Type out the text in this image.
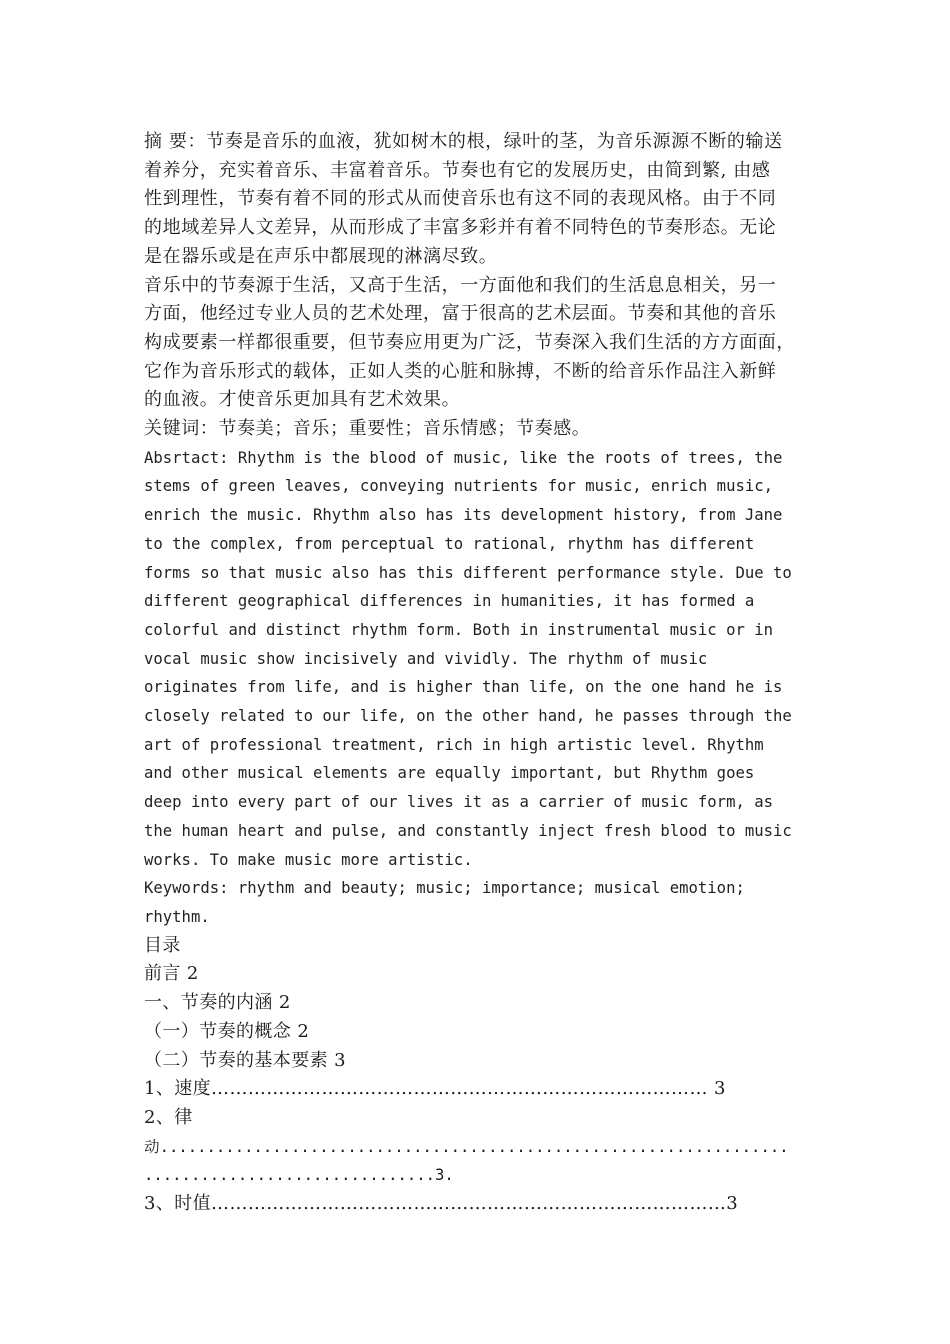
摘 要：节奏是音乐的血液，犹如树木的根，绿叶的茎，为音乐源源不断的输送

着养分，充实着音乐、丰富着音乐。节奏也有它的发展历史，由简到繁, 由感

性到理性，节奏有着不同的形式从而使音乐也有这不同的表现风格。由于不同

的地域差异人文差异，从而形成了丰富多彩并有着不同特色的节奏形态。无论

是在器乐或是在声乐中都展现的淋漓尽致。

音乐中的节奏源于生活，又高于生活，一方面他和我们的生活息息相关，另一

方面，他经过专业人员的艺术处理，富于很高的艺术层面。节奏和其他的音乐

构成要素一样都很重要，但节奏应用更为广泛，节奏深入我们生活的方方面面，

它作为音乐形式的载体，正如人类的心脏和脉搏，不断的给音乐作品注入新鲜

的血液。才使音乐更加具有艺术效果。

关键词：节奏美；音乐；重要性；音乐情感；节奏感。

Absrtact: Rhythm is the blood of music, like the roots of trees, the

stems of green leaves, conveying nutrients for music, enrich music,

enrich the music. Rhythm also has its development history, from Jane

to the complex, from perceptual to rational, rhythm has different

forms so that music also has this different performance style. Due to

different geographical differences in humanities, it has formed a

colorful and distinct rhythm form. Both in instrumental music or in

vocal music show incisively and vividly. The rhythm of music

originates from life, and is higher than life, on the one hand he is

closely related to our life, on the other hand, he passes through the

art of professional treatment, rich in high artistic level. Rhythm

and other musical elements are equally important, but Rhythm goes

deep into every part of our lives it as a carrier of music form, as

the human heart and pulse, and constantly inject fresh blood to music

works. To make music more artistic.

Keywords: rhythm and beauty; music; importance; musical emotion;

rhythm.

目录

前言 2

一、节奏的内涵 2

（一）节奏的概念 2

（二）节奏的基本要素 3

1、速度……………………………………………………………………… 3

2、律

动...................................................................

...............................3.

3、时值…………………………………………………………………………3
